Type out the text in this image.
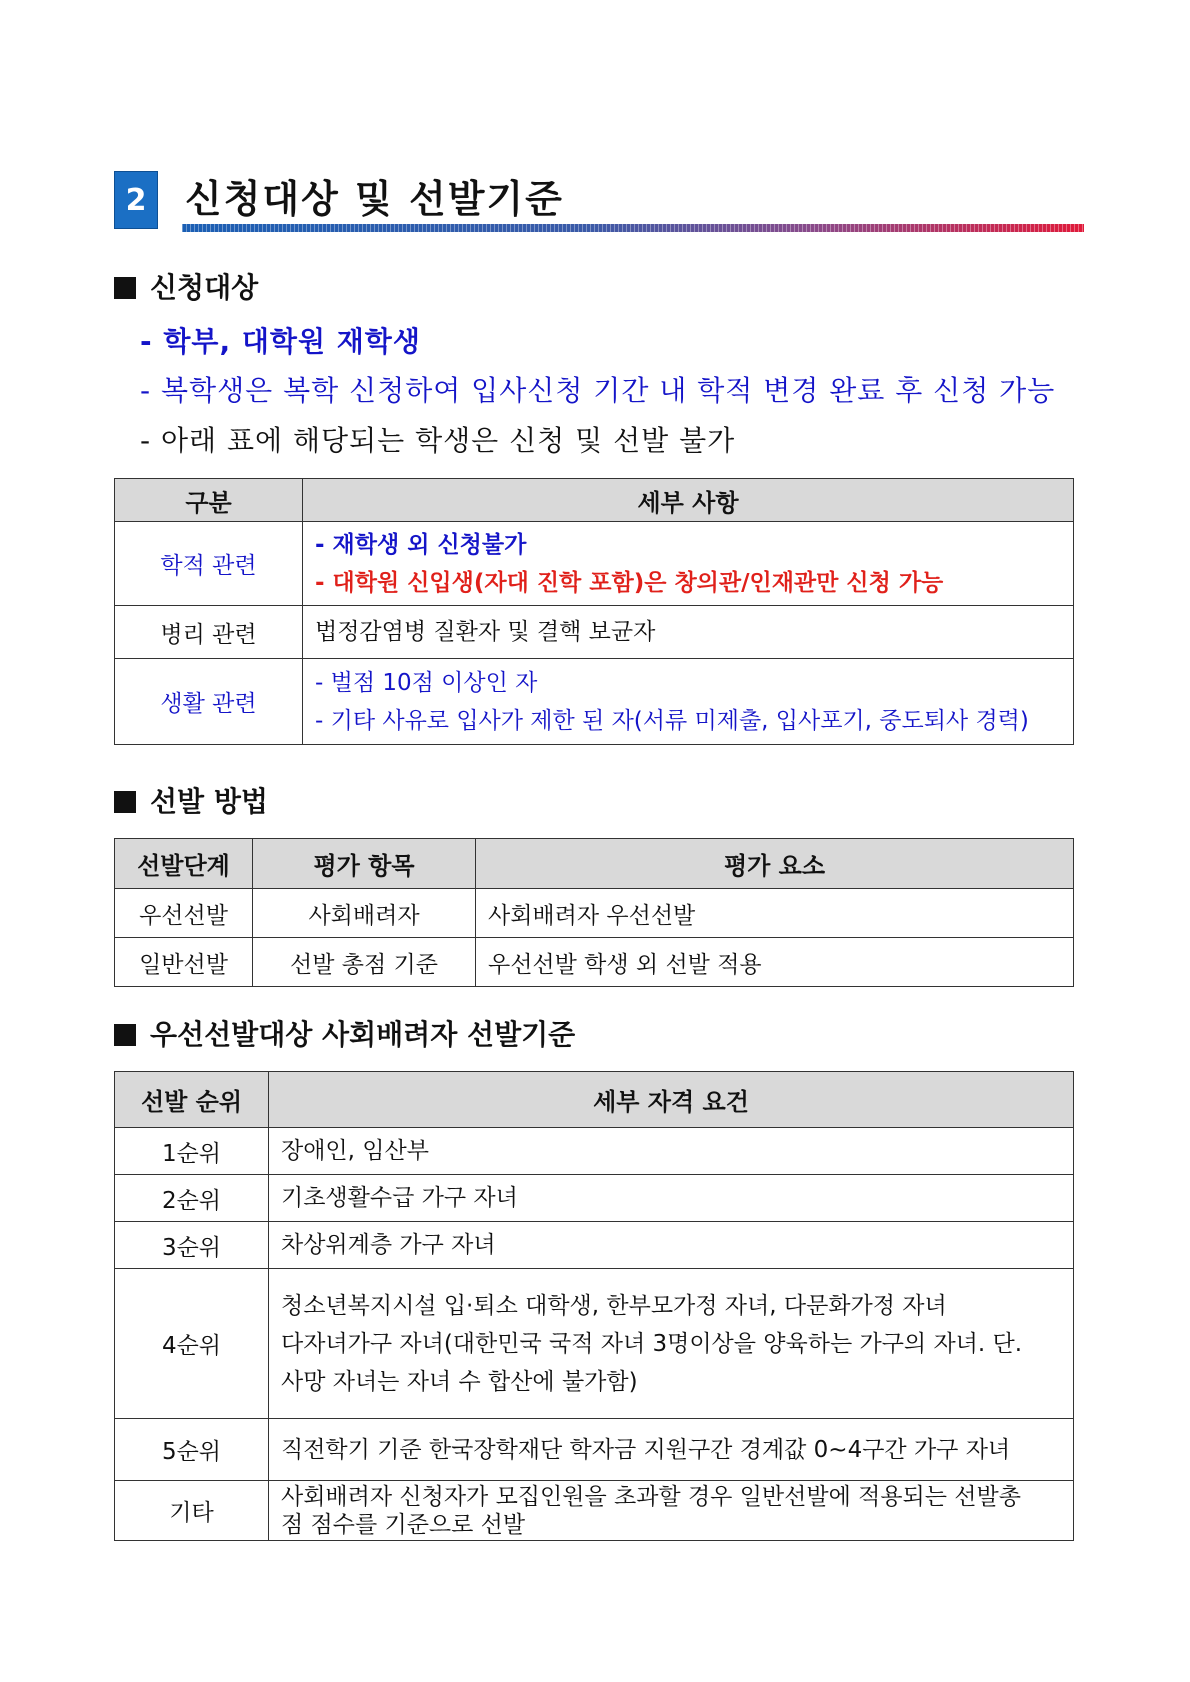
2	신청대상 및 선발기준
신청대상
- 학부, 대학원 재학생
- 복학생은 복학 신청하여 입사신청 기간 내 학적 변경 완료 후 신청 가능
- 아래 표에 해당되는 학생은 신청 및 선발 불가
구분	세부 사항
학적 관련	- 재학생 외 신청불가
- 대학원 신입생(자대 진학 포함)은 창의관/인재관만 신청 가능

병리 관련	법정감염병 질환자 및 결핵 보균자

생활 관련	- 벌점 10점 이상인 자
- 기타 사유로 입사가 제한 된 자(서류 미제출, 입사포기, 중도퇴사 경력)
선발 방법
선발단계	평가 항목	평가 요소
우선선발	사회배려자	사회배려자 우선선발
일반선발	선발 총점 기준	우선선발 학생 외 선발 적용
우선선발대상 사회배려자 선발기준
선발 순위	세부 자격 요건
1순위	장애인, 임산부

2순위	기초생활수급 가구 자녀

3순위	차상위계층 가구 자녀

4순위	청소년복지시설 입·퇴소 대학생, 한부모가정 자녀, 다문화가정 자녀
다자녀가구 자녀(대한민국 국적 자녀 3명이상을 양육하는 가구의 자녀. 단.
사망 자녀는 자녀 수 합산에 불가함)

5순위	직전학기 기준 한국장학재단 학자금 지원구간 경계값 0~4구간 가구 자녀

기타	사회배려자 신청자가 모집인원을 초과할 경우 일반선발에 적용되는 선발총
점 점수를 기준으로 선발
